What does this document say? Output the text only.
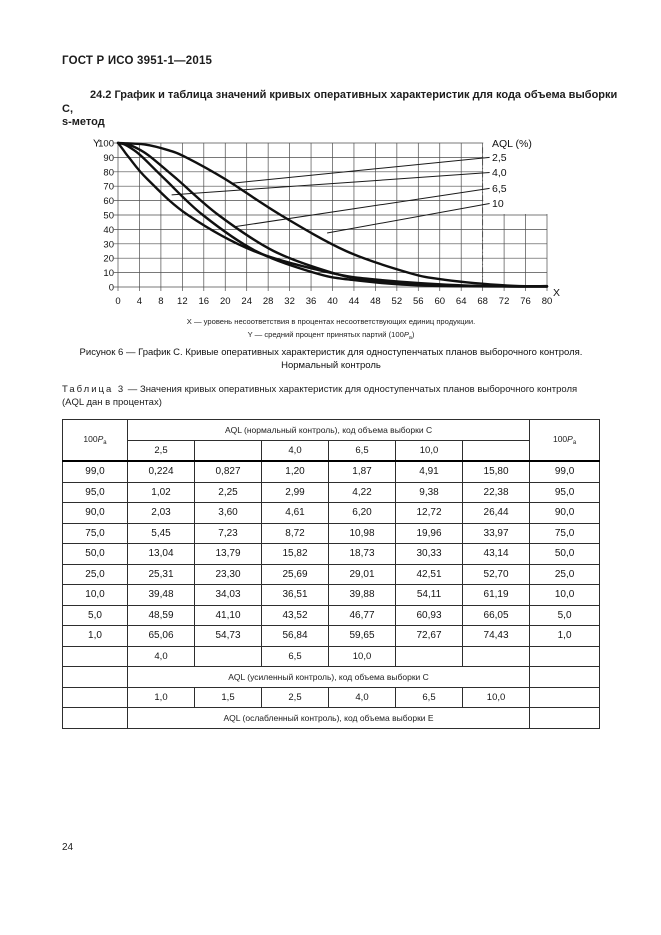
ГОСТ Р ИСО 3951-1—2015
24.2 График и таблица значений кривых оперативных характеристик для кода объема выборки С,
s-метод
0 4 8 12 16 20 24 28 32 36 40 44 48 52 56 60 64 68 72 76 80
0
10
20
30
40
50
60
70
80
90
100
Y
X
AQL (%)
2,5
4,0
6,5
10
X — уровень несоответствия в процентах несоответствующих единиц продукции.
Y — средний процент принятых партий $(100P_a)$
Рисунок 6 — График С. Кривые оперативных характеристик для одноступенчатых планов выборочного контроля.
Нормальный контроль
Таблица 3 — Значения кривых оперативных характеристик для одноступенчатых планов выборочного контроля (AQL дан в процентах)
$100P_a$	AQL (нормальный контроль), код объема выборки C						$100P_a$
	2,5		4,0	6,5	10,0		
99,0	0,224	0,827	1,20	1,87	4,91	15,80	99,0
95,0	1,02	2,25	2,99	4,22	9,38	22,38	95,0
90,0	2,03	3,60	4,61	6,20	12,72	26,44	90,0
75,0	5,45	7,23	8,72	10,98	19,96	33,97	75,0
50,0	13,04	13,79	15,82	18,73	30,33	43,14	50,0
25,0	25,31	23,30	25,69	29,01	42,51	52,70	25,0
10,0	39,48	34,03	36,51	39,88	54,11	61,19	10,0
5,0	48,59	41,10	43,52	46,77	60,93	66,05	5,0
1,0	65,06	54,73	56,84	59,65	72,67	74,43	1,0
	4,0		6,5	10,0			
	AQL (усиленный контроль), код объема выборки C						
	1,0	1,5	2,5	4,0	6,5	10,0	
	AQL (ослабленный контроль), код объема выборки E						
24
